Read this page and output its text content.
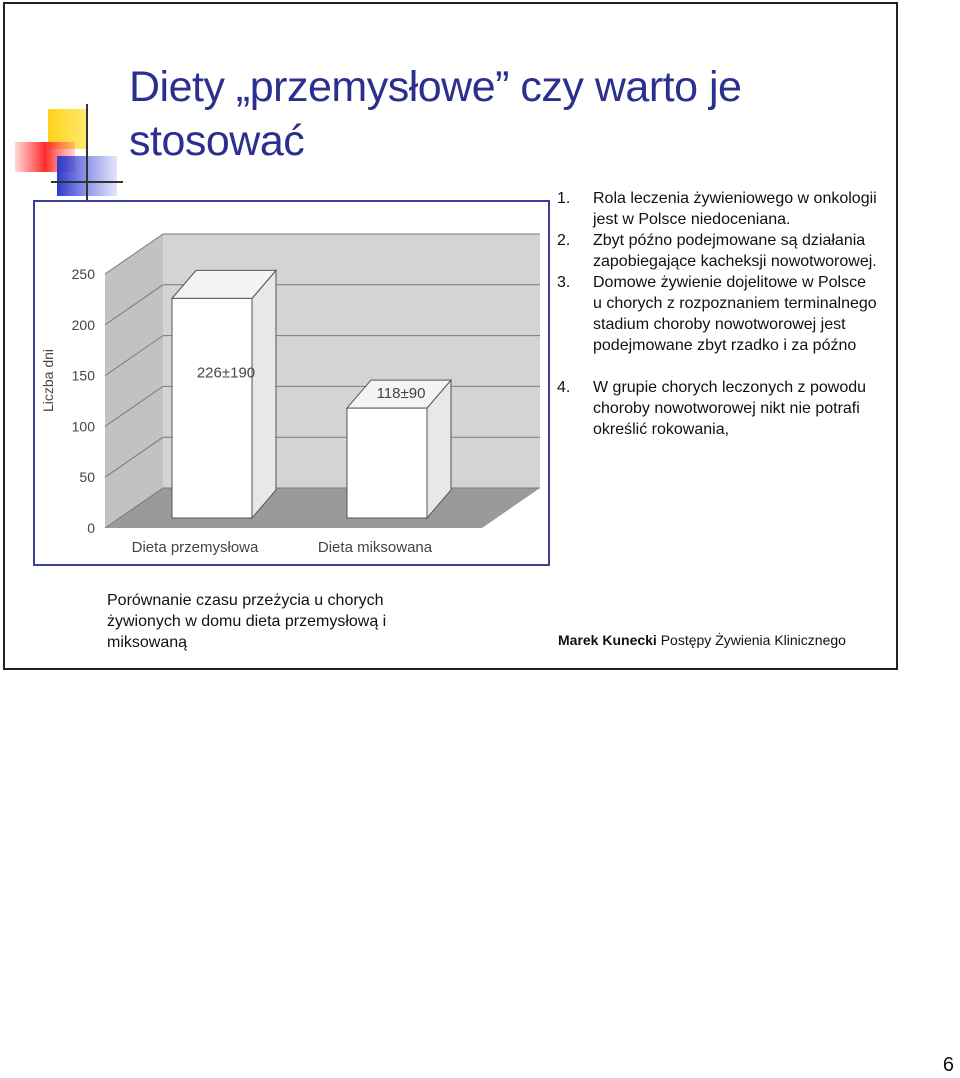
Diety „przemysłowe” czy warto je stosować
1. Rola leczenia żywieniowego w onkologii jest w Polsce niedoceniana.
2. Zbyt późno podejmowane są działania zapobiegające kacheksji nowotworowej.
3. Domowe żywienie dojelitowe w Polsce u chorych z rozpoznaniem terminalnego stadium choroby nowotworowej jest podejmowane zbyt rzadko i za późno
4. W grupie chorych leczonych z powodu choroby nowotworowej nikt nie potrafi określić rokowania,
0
50
100
150
200
250
Liczba dni	226±190
Dieta przemysłowa
118±90
Dieta miksowana
Porównanie czasu przeżycia u chorych żywionych w domu dieta przemysłową i miksowaną	Marek Kunecki Postępy Żywienia Klinicznego
6
